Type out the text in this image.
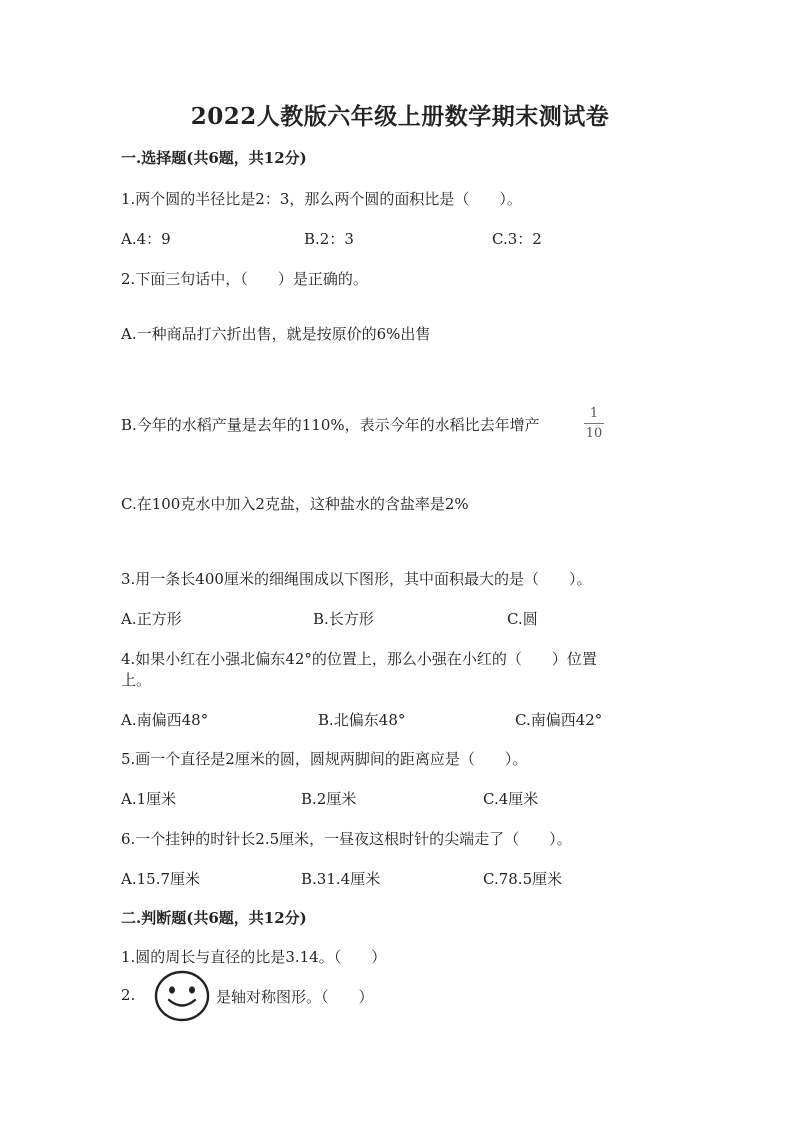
2022人教版六年级上册数学期末测试卷
一.选择题(共6题，共12分)
1.两个圆的半径比是2：3，那么两个圆的面积比是（　　）。
A.4：9	B.2：3	C.3：2
2.下面三句话中，（　　）是正确的。
A.一种商品打六折出售，就是按原价的6%出售
B.今年的水稻产量是去年的110%，表示今年的水稻比去年增产
1
10
C.在100克水中加入2克盐，这种盐水的含盐率是2%
3.用一条长400厘米的细绳围成以下图形，其中面积最大的是（　　）。
A.正方形	B.长方形	C.圆
4.如果小红在小强北偏东42°的位置上，那么小强在小红的（　　）位置
上。
A.南偏西48°	B.北偏东48°	C.南偏西42°
5.画一个直径是2厘米的圆，圆规两脚间的距离应是（　　）。
A.1厘米	B.2厘米	C.4厘米
6.一个挂钟的时针长2.5厘米，一昼夜这根时针的尖端走了（　　）。
A.15.7厘米	B.31.4厘米	C.78.5厘米
二.判断题(共6题，共12分)
1.圆的周长与直径的比是3.14。（　　）
2.	是轴对称图形。（　　）
